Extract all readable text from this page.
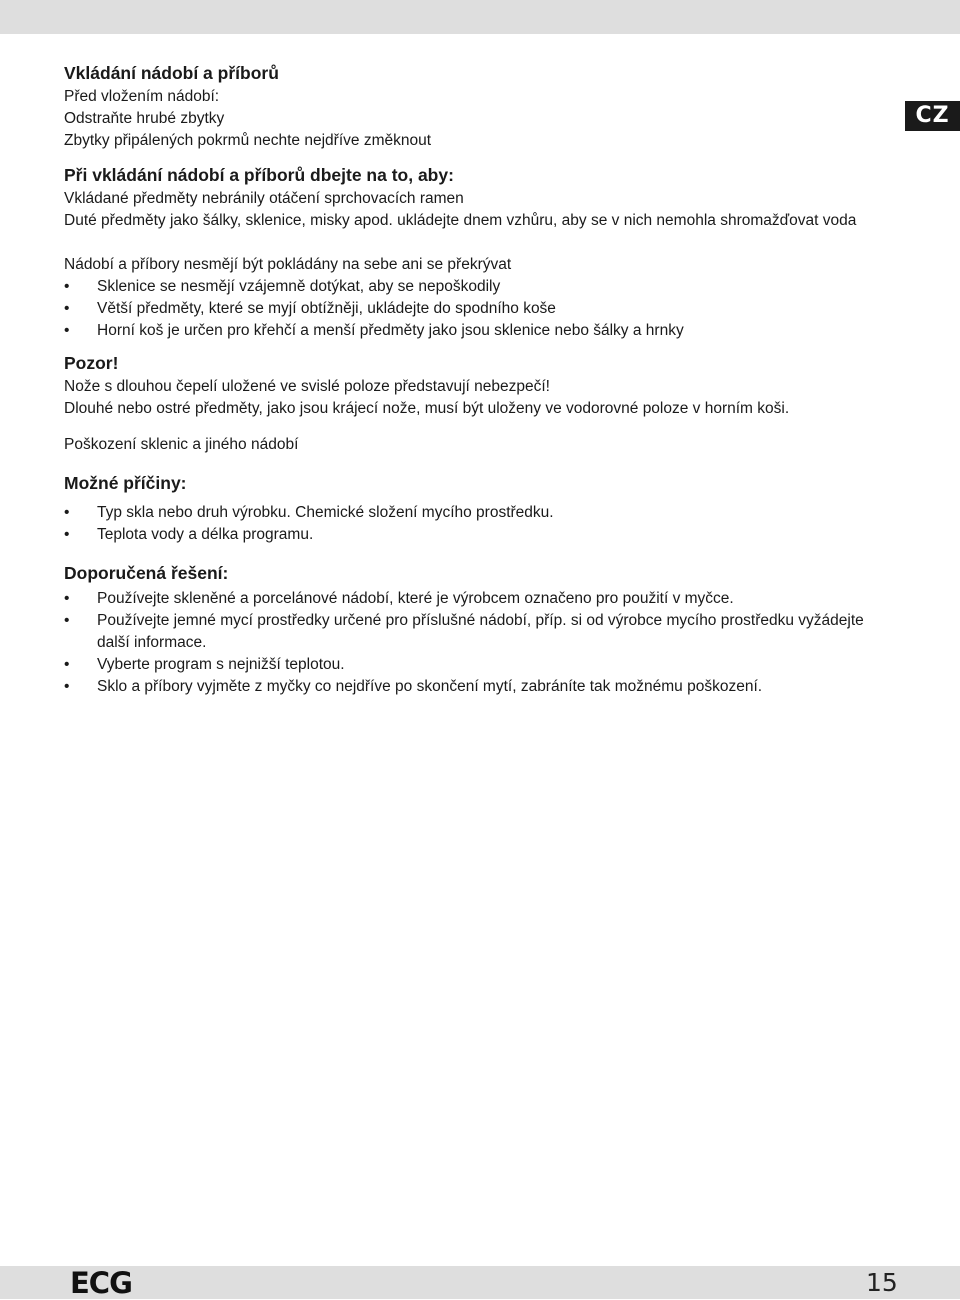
CZ

Vkládání nádobí a příborů

Před vložením nádobí:

Odstraňte hrubé zbytky

Zbytky připálených pokrmů nechte nejdříve změknout

Při vkládání nádobí a příborů dbejte na to, aby:

Vkládané předměty nebránily otáčení sprchovacích ramen

Duté předměty jako šálky, sklenice, misky apod. ukládejte dnem vzhůru, aby se v nich nemohla shromažďovat voda

Nádobí a příbory nesmějí být pokládány na sebe ani se překrývat

• Sklenice se nesmějí vzájemně dotýkat, aby se nepoškodily

• Větší předměty, které se myjí obtížněji, ukládejte do spodního koše

• Horní koš je určen pro křehčí a menší předměty jako jsou sklenice nebo šálky a hrnky

Pozor!

Nože s dlouhou čepelí uložené ve svislé poloze představují nebezpečí!

Dlouhé nebo ostré předměty, jako jsou krájecí nože, musí být uloženy ve vodorovné poloze v horním koši.

Poškození sklenic a jiného nádobí

Možné příčiny:

• Typ skla nebo druh výrobku. Chemické složení mycího prostředku.

• Teplota vody a délka programu.

Doporučená řešení:

• Používejte skleněné a porcelánové nádobí, které je výrobcem označeno pro použití v myčce.

• Používejte jemné mycí prostředky určené pro příslušné nádobí, příp. si od výrobce mycího prostředku vyžádejte další informace.

• Vyberte program s nejnižší teplotou.

• Sklo a příbory vyjměte z myčky co nejdříve po skončení mytí, zabráníte tak možnému poškození.

ECG	15
